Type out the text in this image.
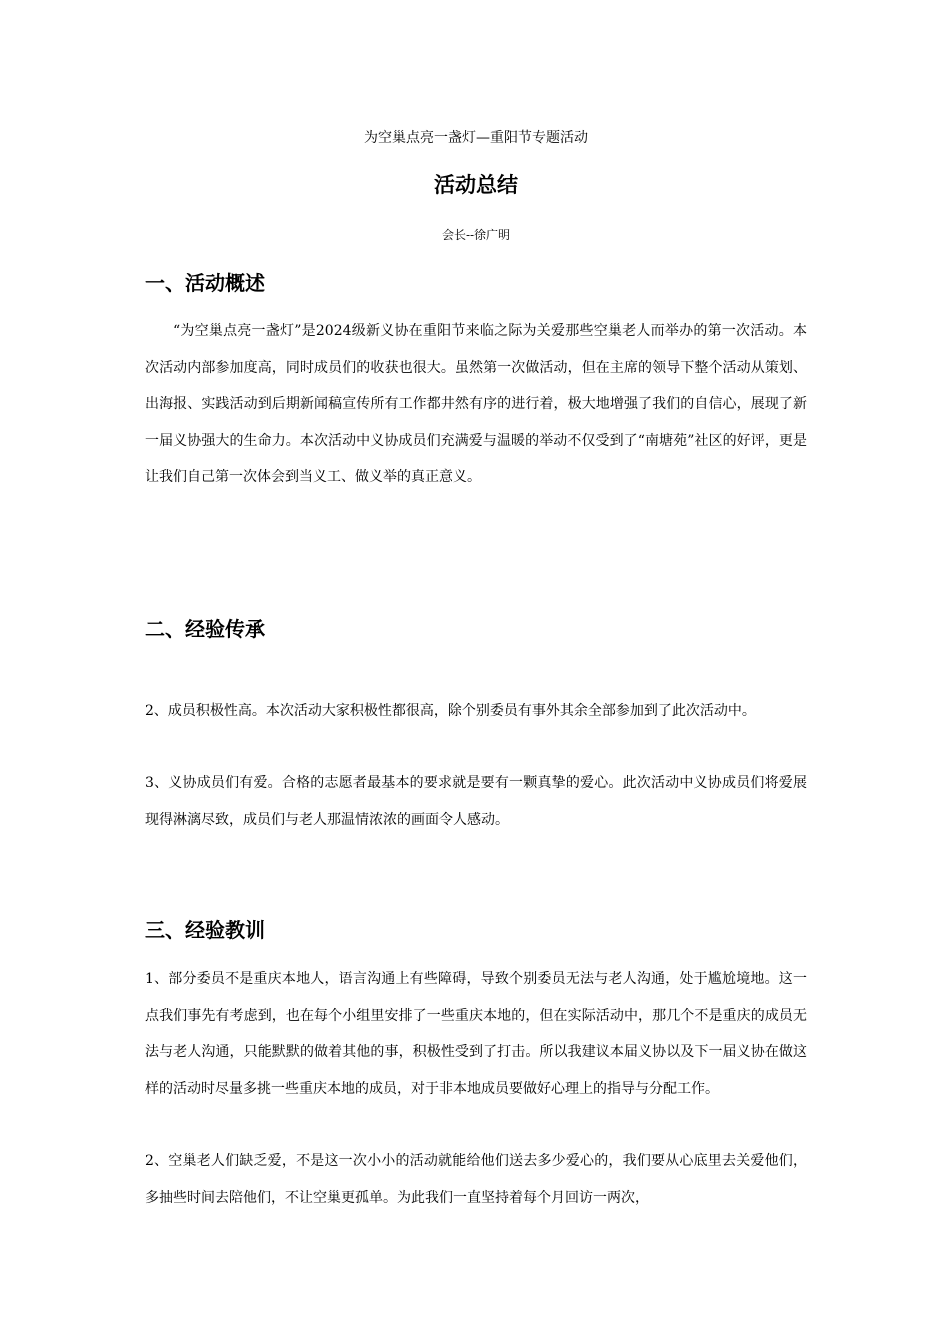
为空巢点亮一盏灯—重阳节专题活动
活动总结
会长--徐广明
一、活动概述
“为空巢点亮一盏灯”是2024级新义协在重阳节来临之际为关爱那些空巢老人而举办的第一次活动。本次活动内部参加度高，同时成员们的收获也很大。虽然第一次做活动，但在主席的领导下整个活动从策划、出海报、实践活动到后期新闻稿宣传所有工作都井然有序的进行着，极大地增强了我们的自信心，展现了新一届义协强大的生命力。本次活动中义协成员们充满爱与温暖的举动不仅受到了“南塘苑”社区的好评，更是让我们自己第一次体会到当义工、做义举的真正意义。
二、经验传承
2、成员积极性高。本次活动大家积极性都很高，除个别委员有事外其余全部参加到了此次活动中。
3、义协成员们有爱。合格的志愿者最基本的要求就是要有一颗真挚的爱心。此次活动中义协成员们将爱展现得淋漓尽致，成员们与老人那温情浓浓的画面令人感动。
三、经验教训
1、部分委员不是重庆本地人，语言沟通上有些障碍，导致个别委员无法与老人沟通，处于尴尬境地。这一点我们事先有考虑到，也在每个小组里安排了一些重庆本地的，但在实际活动中，那几个不是重庆的成员无法与老人沟通，只能默默的做着其他的事，积极性受到了打击。所以我建议本届义协以及下一届义协在做这样的活动时尽量多挑一些重庆本地的成员，对于非本地成员要做好心理上的指导与分配工作。
2、空巢老人们缺乏爱，不是这一次小小的活动就能给他们送去多少爱心的，我们要从心底里去关爱他们，多抽些时间去陪他们，不让空巢更孤单。为此我们一直坚持着每个月回访一两次，
